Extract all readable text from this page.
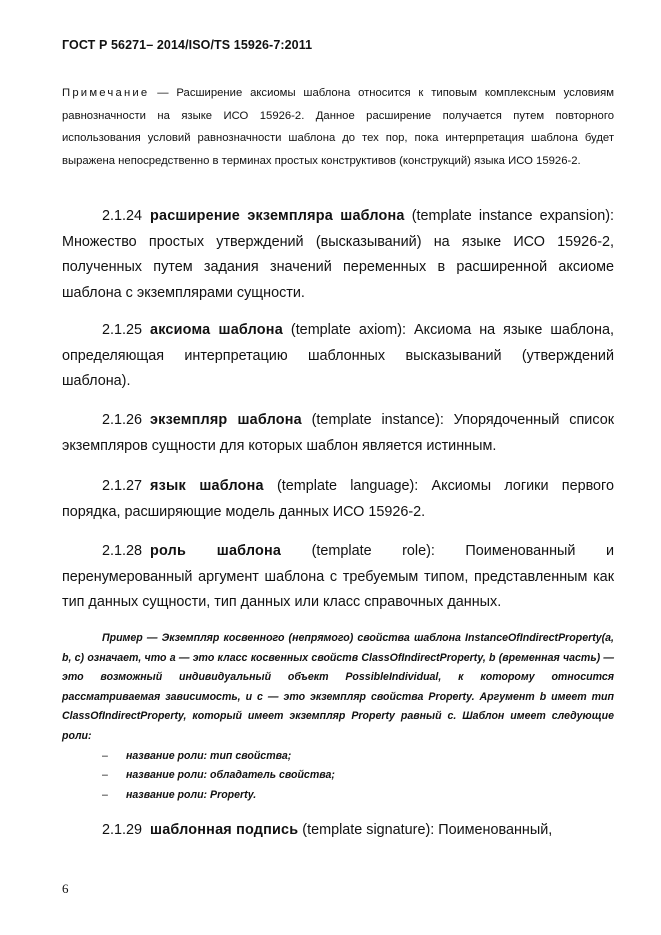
ГОСТ Р 56271– 2014/ISO/TS 15926-7:2011
Примечание — Расширение аксиомы шаблона относится к типовым комплексным условиям равнозначности на языке ИСО 15926-2. Данное расширение получается путем повторного использования условий равнозначности шаблона до тех пор, пока интерпретация шаблона будет выражена непосредственно в терминах простых конструктивов (конструкций) языка ИСО 15926-2.
2.1.24 расширение экземпляра шаблона (template instance expansion): Множество простых утверждений (высказываний) на языке ИСО 15926-2, полученных путем задания значений переменных в расширенной аксиоме шаблона с экземплярами сущности.
2.1.25 аксиома шаблона (template axiom): Аксиома на языке шаблона, определяющая интерпретацию шаблонных высказываний (утверждений шаблона).
2.1.26 экземпляр шаблона (template instance): Упорядоченный список экземпляров сущности для которых шаблон является истинным.
2.1.27 язык шаблона (template language): Аксиомы логики первого порядка, расширяющие модель данных ИСО 15926-2.
2.1.28 роль шаблона (template role): Поименованный и перенумерованный аргумент шаблона с требуемым типом, представленным как тип данных сущности, тип данных или класс справочных данных.

Пример — Экземпляр косвенного (непрямого) свойства шаблона InstanceOfIndirectProperty(a, b, c) означает, что a — это класс косвенных свойств ClassOfIndirectProperty, b (временная часть) — это возможный индивидуальный объект PossibleIndividual, к которому относится рассматриваемая зависимость, и c — это экземпляр свойства Property. Аргумент b имеет тип ClassOfIndirectProperty, который имеет экземпляр Property равный c. Шаблон имеет следующие роли:

– название роли: тип свойства;
– название роли: обладатель свойства;
– название роли: Property.
2.1.29 шаблонная подпись (template signature): Поименованный,
6
